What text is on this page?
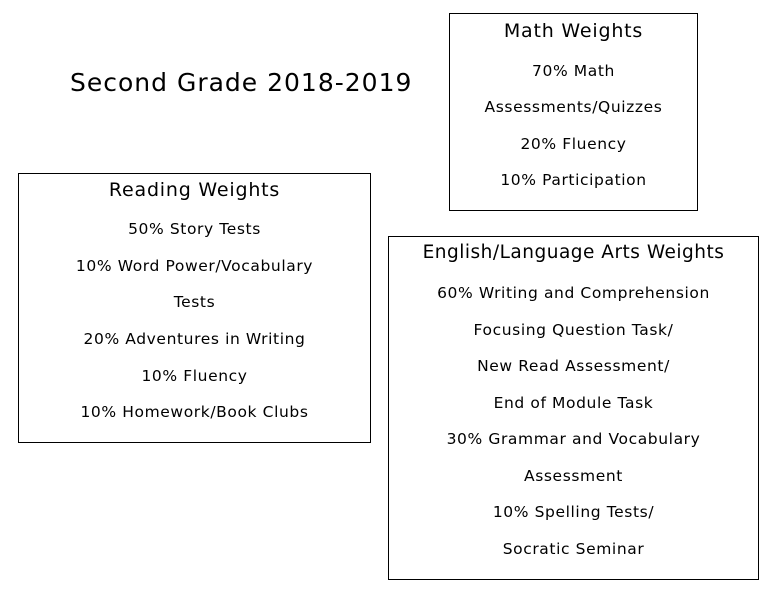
Second Grade 2018-2019
Math Weights
70% Math
Assessments/Quizzes
20% Fluency
10% Participation
Reading Weights
50% Story Tests
10% Word Power/Vocabulary
Tests
20% Adventures in Writing
10% Fluency
10% Homework/Book Clubs
English/Language Arts Weights
60% Writing and Comprehension
Focusing Question Task/
New Read Assessment/
End of Module Task
30% Grammar and Vocabulary
Assessment
10% Spelling Tests/
Socratic Seminar
